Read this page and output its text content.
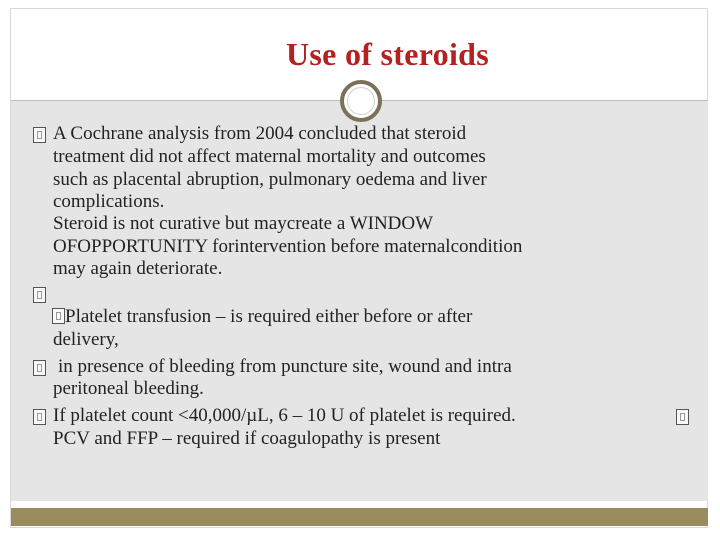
Use of steroids
A Cochrane analysis from 2004 concluded that steroid
treatment did not affect maternal mortality and outcomes
such as placental abruption, pulmonary oedema and liver
complications.
Steroid is not curative but maycreate a WINDOW
OFOPPORTUNITY forintervention before maternalcondition
may again deteriorate.
Platelet transfusion – is required either before or after
delivery,
in presence of bleeding from puncture site, wound and intra
peritoneal bleeding.
If platelet count <40,000/µL, 6 – 10 U of platelet is required.
PCV and FFP – required if coagulopathy is present
